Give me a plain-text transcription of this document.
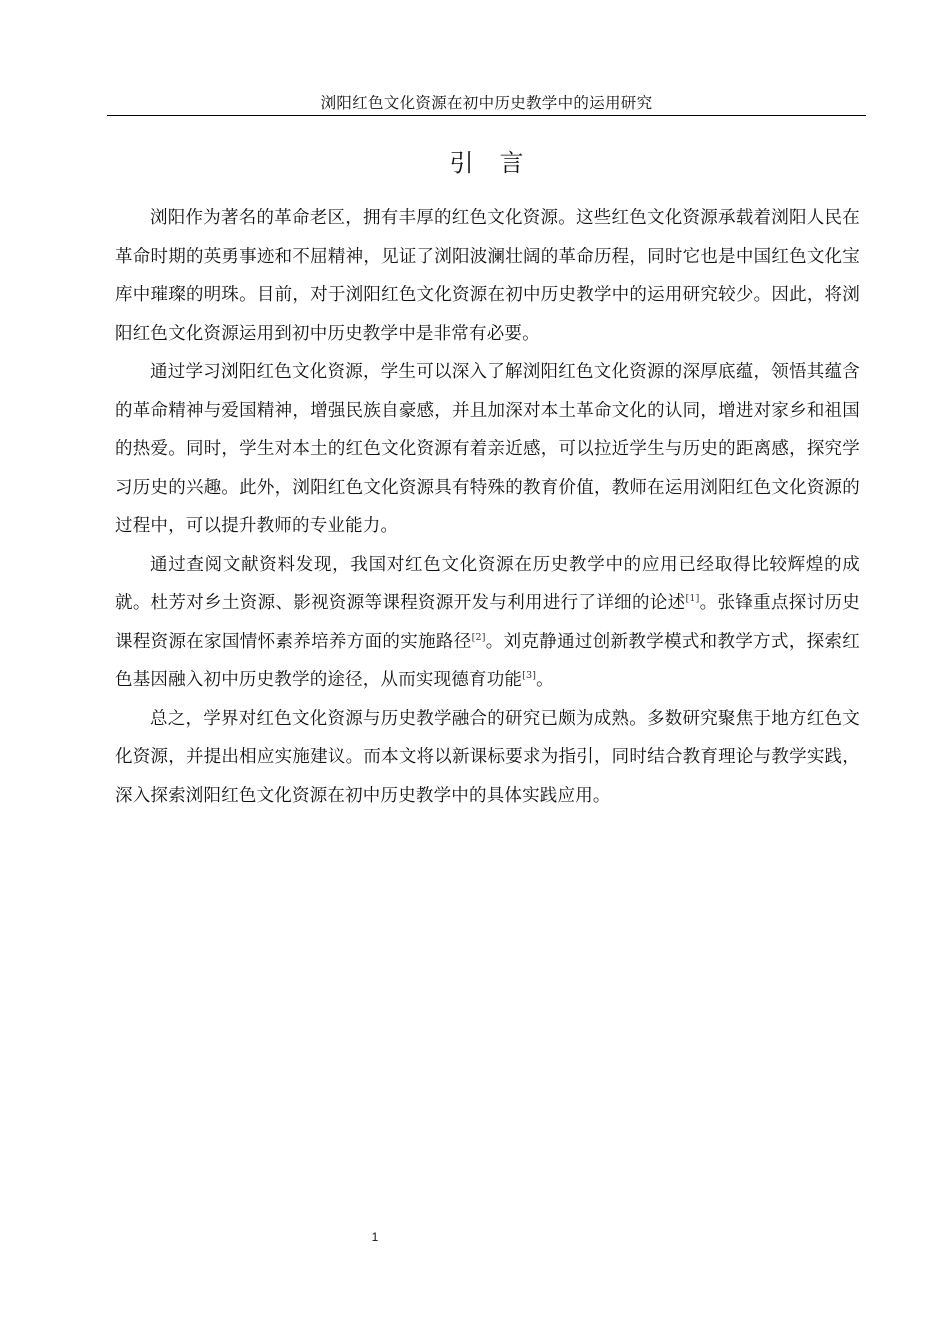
浏阳红色文化资源在初中历史教学中的运用研究
引言

浏阳作为著名的革命老区，拥有丰厚的红色文化资源。这些红色文化资源承载着浏阳人民在革命时期的英勇事迹和不屈精神，见证了浏阳波澜壮阔的革命历程，同时它也是中国红色文化宝库中璀璨的明珠。目前，对于浏阳红色文化资源在初中历史教学中的运用研究较少。因此，将浏阳红色文化资源运用到初中历史教学中是非常有必要。

通过学习浏阳红色文化资源，学生可以深入了解浏阳红色文化资源的深厚底蕴，领悟其蕴含的革命精神与爱国精神，增强民族自豪感，并且加深对本土革命文化的认同，增进对家乡和祖国的热爱。同时，学生对本土的红色文化资源有着亲近感，可以拉近学生与历史的距离感，探究学习历史的兴趣。此外，浏阳红色文化资源具有特殊的教育价值，教师在运用浏阳红色文化资源的过程中，可以提升教师的专业能力。

通过查阅文献资料发现，我国对红色文化资源在历史教学中的应用已经取得比较辉煌的成就。杜芳对乡土资源、影视资源等课程资源开发与利用进行了详细的论述[1]。张锋重点探讨历史课程资源在家国情怀素养培养方面的实施路径[2]。刘克静通过创新教学模式和教学方式，探索红色基因融入初中历史教学的途径，从而实现德育功能[3]。

总之，学界对红色文化资源与历史教学融合的研究已颇为成熟。多数研究聚焦于地方红色文化资源，并提出相应实施建议。而本文将以新课标要求为指引，同时结合教育理论与教学实践，深入探索浏阳红色文化资源在初中历史教学中的具体实践应用。

1
